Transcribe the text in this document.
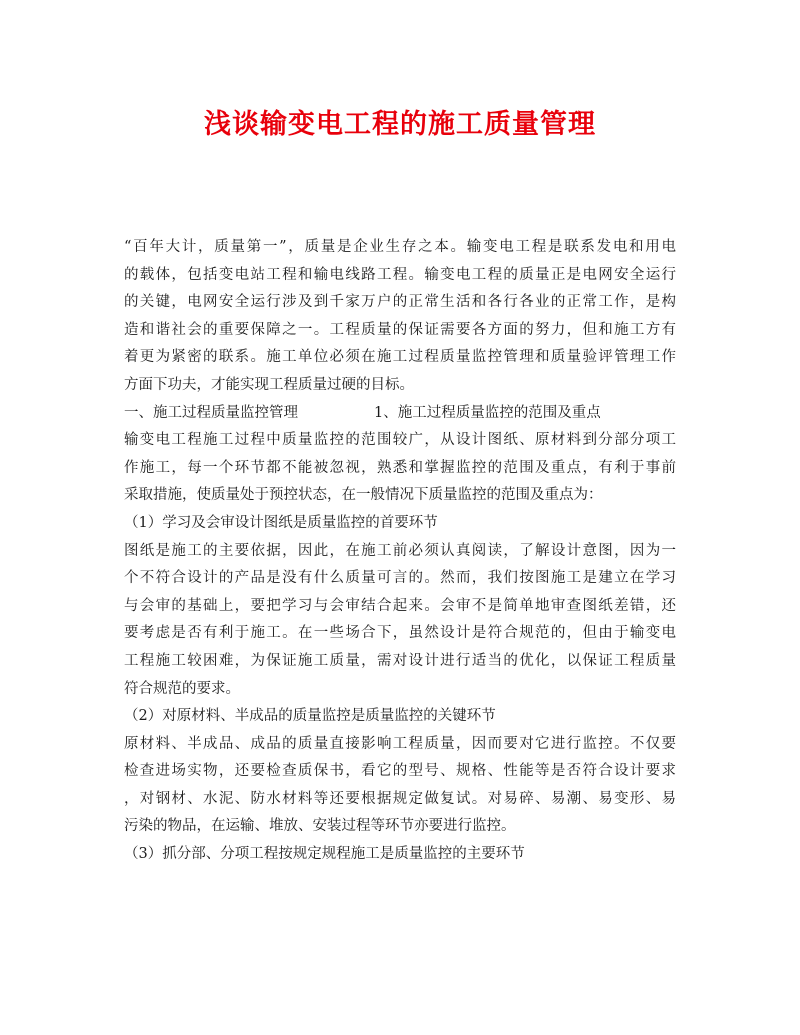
浅谈输变电工程的施工质量管理
“百年大计，质量第一”，质量是企业生存之本。输变电工程是联系发电和用电
的载体，包括变电站工程和输电线路工程。输变电工程的质量正是电网安全运行
的关键，电网安全运行涉及到千家万户的正常生活和各行各业的正常工作，是构
造和谐社会的重要保障之一。工程质量的保证需要各方面的努力，但和施工方有
着更为紧密的联系。施工单位必须在施工过程质量监控管理和质量验评管理工作
方面下功夫，才能实现工程质量过硬的目标。
一、施工过程质量监控管理	1、施工过程质量监控的范围及重点
输变电工程施工过程中质量监控的范围较广，从设计图纸、原材料到分部分项工
作施工，每一个环节都不能被忽视，熟悉和掌握监控的范围及重点，有利于事前
采取措施，使质量处于预控状态，在一般情况下质量监控的范围及重点为：
（1）学习及会审设计图纸是质量监控的首要环节
图纸是施工的主要依据，因此，在施工前必须认真阅读，了解设计意图，因为一
个不符合设计的产品是没有什么质量可言的。然而，我们按图施工是建立在学习
与会审的基础上，要把学习与会审结合起来。会审不是简单地审查图纸差错，还
要考虑是否有利于施工。在一些场合下，虽然设计是符合规范的，但由于输变电
工程施工较困难，为保证施工质量，需对设计进行适当的优化，以保证工程质量
符合规范的要求。
（2）对原材料、半成品的质量监控是质量监控的关键环节
原材料、半成品、成品的质量直接影响工程质量，因而要对它进行监控。不仅要
检查进场实物，还要检查质保书，看它的型号、规格、性能等是否符合设计要求
，对钢材、水泥、防水材料等还要根据规定做复试。对易碎、易潮、易变形、易
污染的物品，在运输、堆放、安装过程等环节亦要进行监控。
（3）抓分部、分项工程按规定规程施工是质量监控的主要环节
